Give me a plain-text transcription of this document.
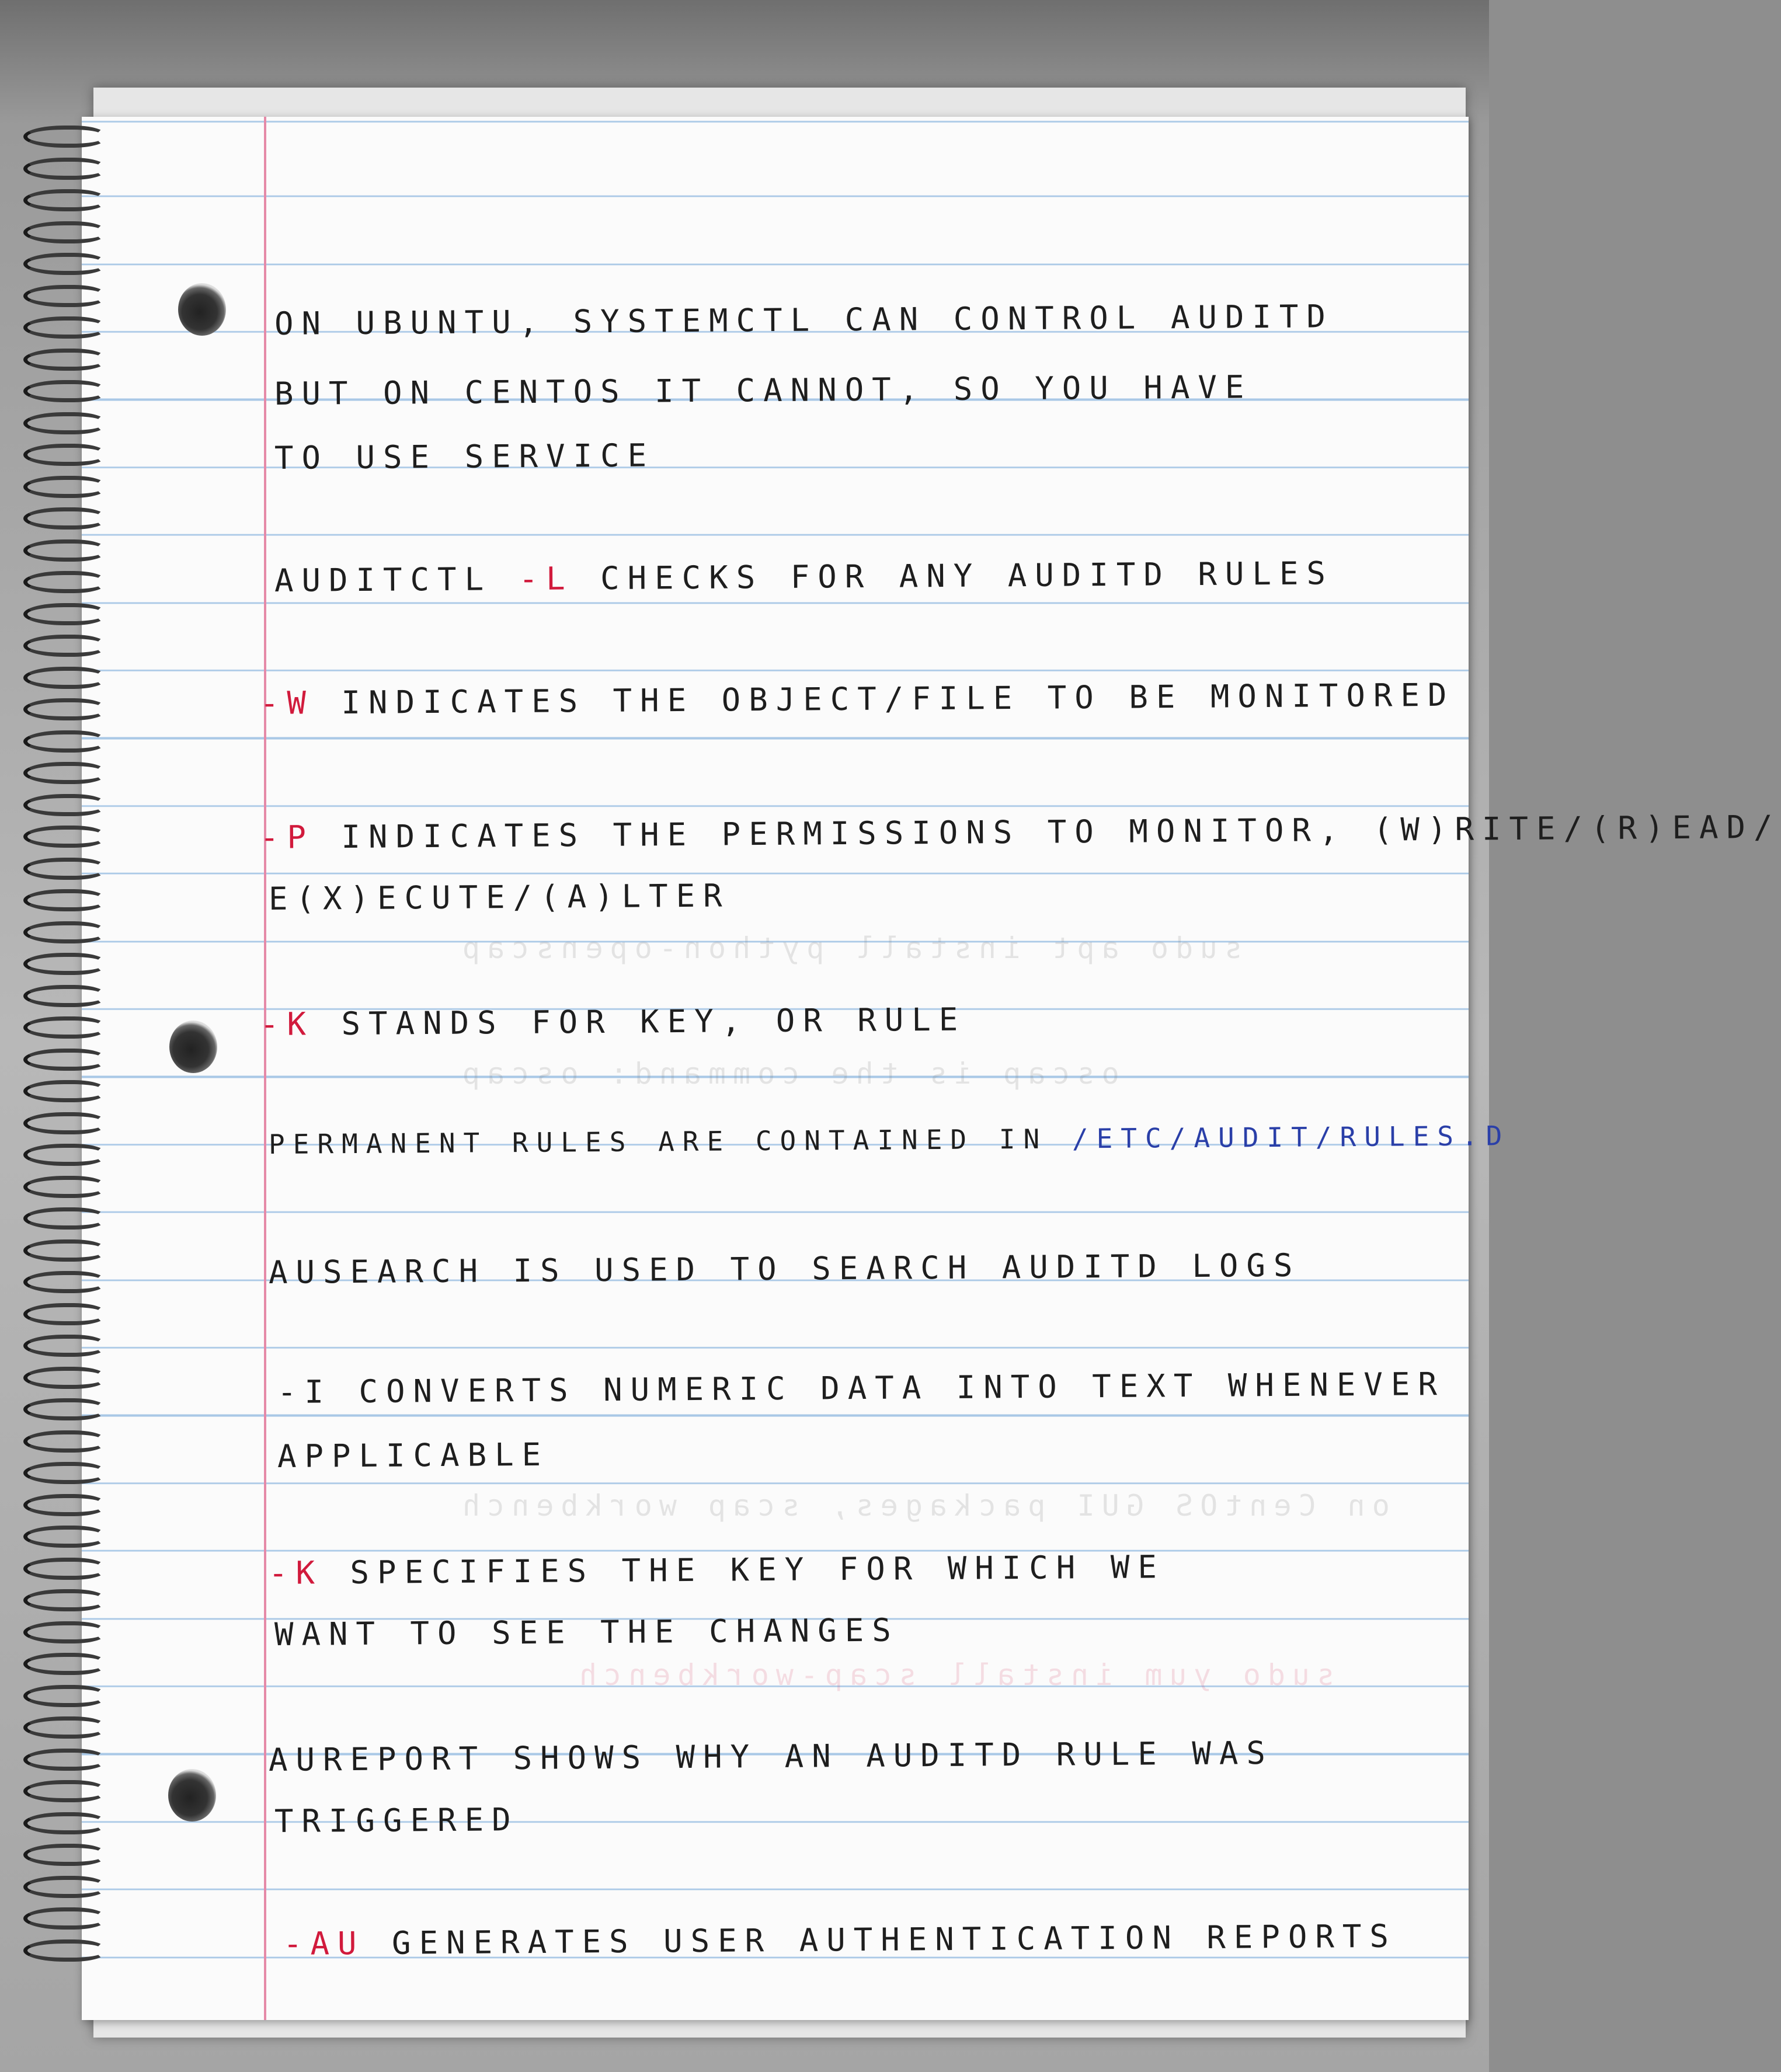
sudo apt install python-openscap
oscap is the command: oscap
sudo yum install scap-workbench
on CentOS GUI packages, scap workbench
ON UBUNTU, SYSTEMCTL CAN CONTROL AUDITD
BUT ON CENTOS IT CANNOT, SO YOU HAVE
TO USE SERVICE
AUDITCTL -L CHECKS FOR ANY AUDITD RULES
-W INDICATES THE OBJECT/FILE TO BE MONITORED
-P INDICATES THE PERMISSIONS TO MONITOR, (W)RITE/(R)EAD/
E(X)ECUTE/(A)LTER
-K STANDS FOR KEY, OR RULE
PERMANENT RULES ARE CONTAINED IN /ETC/AUDIT/RULES.D
AUSEARCH IS USED TO SEARCH AUDITD LOGS
-I CONVERTS NUMERIC DATA INTO TEXT WHENEVER
APPLICABLE
-K SPECIFIES THE KEY FOR WHICH WE
WANT TO SEE THE CHANGES
AUREPORT SHOWS WHY AN AUDITD RULE WAS
TRIGGERED
-AU GENERATES USER AUTHENTICATION REPORTS
